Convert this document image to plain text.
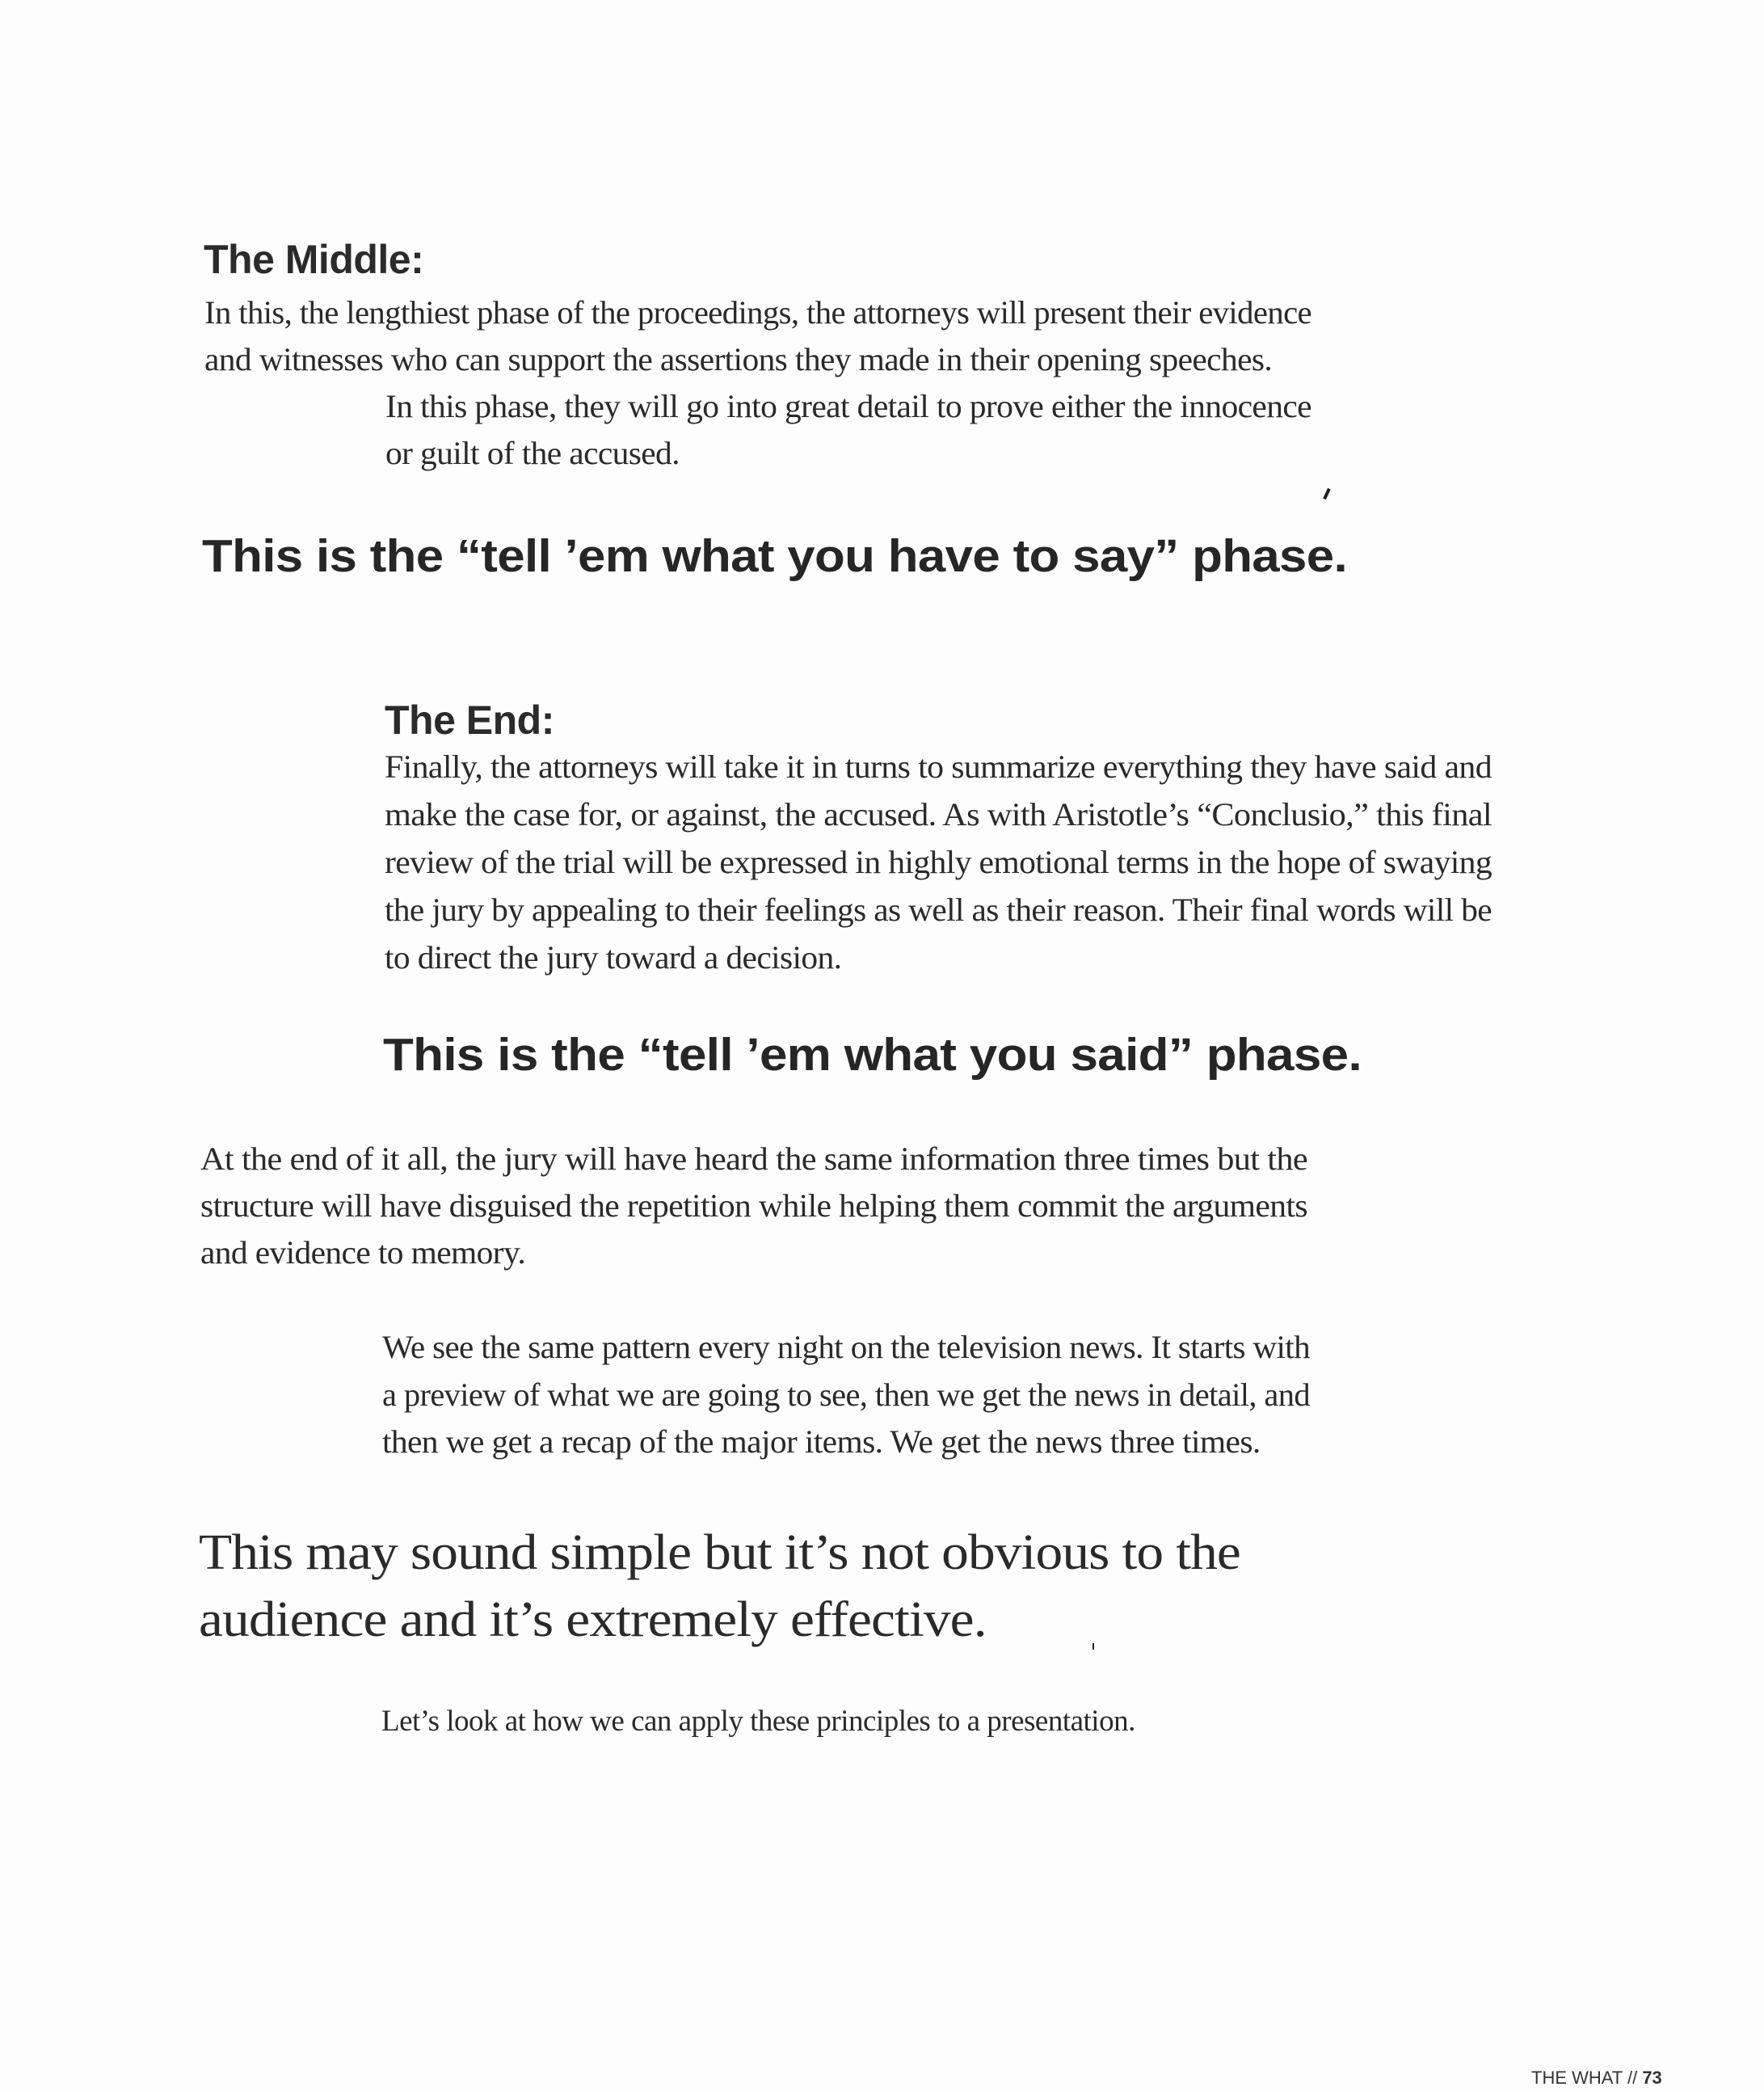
The Middle:
In this, the lengthiest phase of the proceedings, the attorneys will present their evidence
and witnesses who can support the assertions they made in their opening speeches.
In this phase, they will go into great detail to prove either the innocence
or guilt of the accused.
This is the “tell ’em what you have to say” phase.
The End:
Finally, the attorneys will take it in turns to summarize everything they have said and
make the case for, or against, the accused. As with Aristotle’s “Conclusio,” this final
review of the trial will be expressed in highly emotional terms in the hope of swaying
the jury by appealing to their feelings as well as their reason. Their final words will be
to direct the jury toward a decision.
This is the “tell ’em what you said” phase.
At the end of it all, the jury will have heard the same information three times but the
structure will have disguised the repetition while helping them commit the arguments
and evidence to memory.
We see the same pattern every night on the television news. It starts with
a preview of what we are going to see, then we get the news in detail, and
then we get a recap of the major items. We get the news three times.
This may sound simple but it’s not obvious to the
audience and it’s extremely effective.
Let’s look at how we can apply these principles to a presentation.
THE WHAT // 73
